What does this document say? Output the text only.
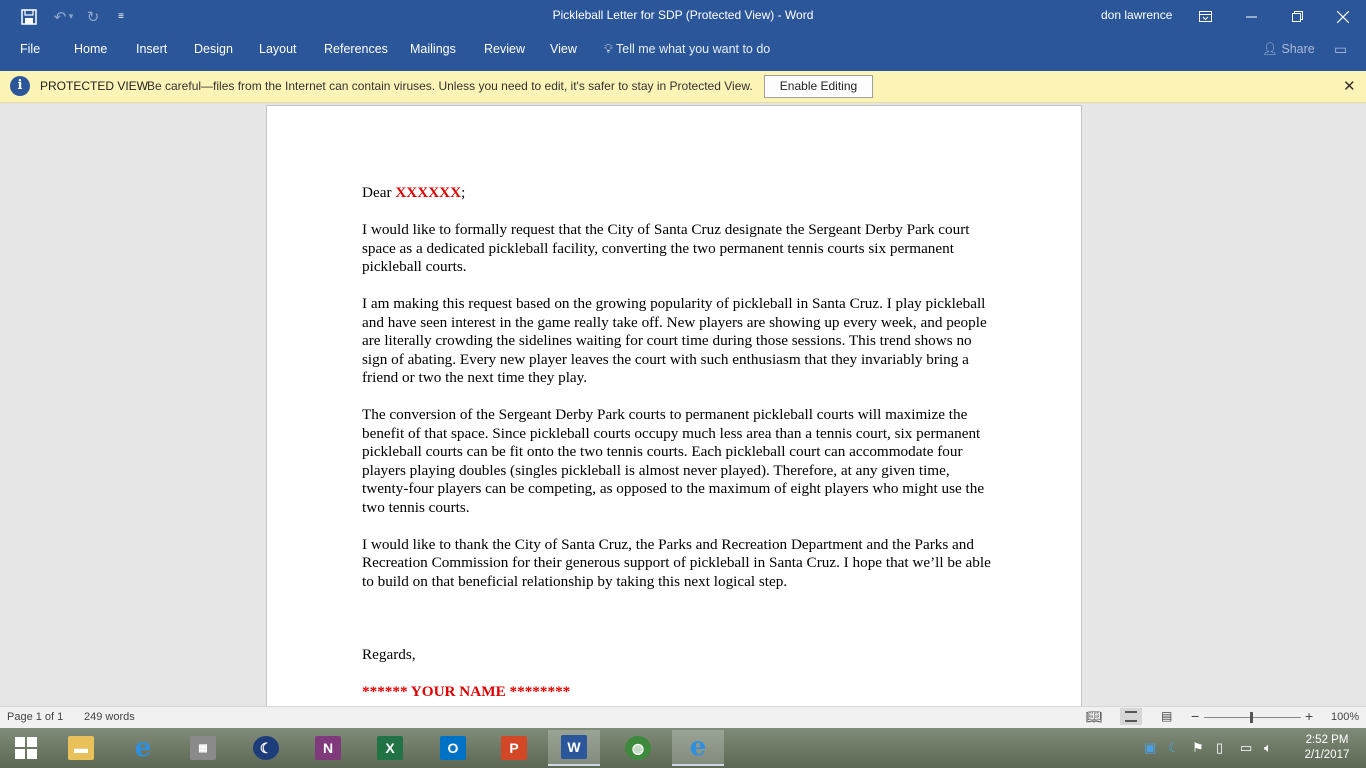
↶ ▾ ↻	≡	Pickleball Letter for SDP (Protected View) - Word	don lawrence
File	Home Insert Design Layout References Mailings Review View 💡︎ Tell me what you want to do	👤︎ Share ▭
i	PROTECTED VIEW
Be careful—files from the Internet can contain viruses. Unless you need to edit, it's safer to stay in Protected View.	Enable Editing	✕

Dear XXXXXX;

I would like to formally request that the City of Santa Cruz designate the Sergeant Derby Park court space as a dedicated pickleball facility, converting the two permanent tennis courts six permanent pickleball courts.

I am making this request based on the growing popularity of pickleball in Santa Cruz. I play pickleball and have seen interest in the game really take off. New players are showing up every week, and people are literally crowding the sidelines waiting for court time during those sessions. This trend shows no sign of abating. Every new player leaves the court with such enthusiasm that they invariably bring a friend or two the next time they play.

The conversion of the Sergeant Derby Park courts to permanent pickleball courts will maximize the benefit of that space. Since pickleball courts occupy much less area than a tennis court, six permanent pickleball courts can be fit onto the two tennis courts. Each pickleball court can accommodate four players playing doubles (singles pickleball is almost never played). Therefore, at any given time, twenty-four players can be competing, as opposed to the maximum of eight players who might use the two tennis courts.

I would like to thank the City of Santa Cruz, the Parks and Recreation Department and the Parks and Recreation Commission for their generous support of pickleball in Santa Cruz. I hope that we’ll be able to build on that beneficial relationship by taking this next logical step.

Regards,

****** YOUR NAME ********

Page 1 of 1 249 words	📖︎	▤ −	+ 100%
▬ e	▦	☾	N	X	O	P	W	◍ e	▣ ☾ ⚑ ▯ ▭ 🔈︎	2:52 PM
2/1/2017
